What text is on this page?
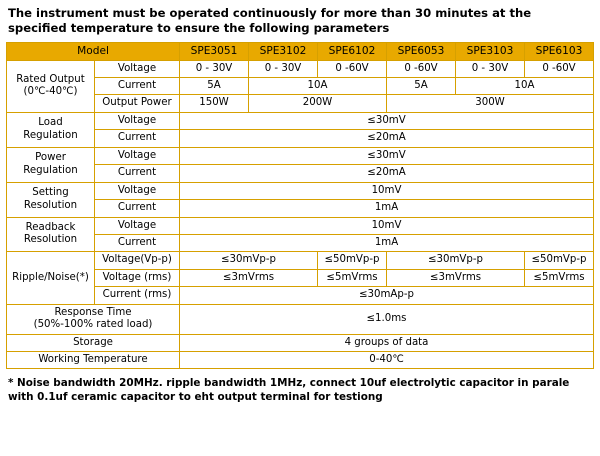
The instrument must be operated continuously for more than 30 minutes at the specified temperature to ensure the following parameters
Model		SPE3051	SPE3102	SPE6102	SPE6053	SPE3103	SPE6103

Rated Output
(0℃-40℃)	Voltage	0 - 30V	0 - 30V	0 -60V	0 -60V	0 - 30V	0 -60V
	Current	5A	10A		5A	10A	
	Output Power	150W	200W		300W		

Load
Regulation	Voltage	≤30mV					
	Current	≤20mA					

Power
Regulation	Voltage	≤30mV					
	Current	≤20mA					

Setting
Resolution	Voltage	10mV					
	Current	1mA					

Readback
Resolution	Voltage	10mV					
	Current	1mA					
Ripple/Noise(*)	Voltage(Vp-p)	≤30mVp-p		≤50mVp-p	≤30mVp-p		≤50mVp-p
	Voltage (rms)	≤3mVrms		≤5mVrms	≤3mVrms		≤5mVrms
	Current (rms)	≤30mAp-p					

Response Time
(50%-100% rated load)		≤1.0ms					
Storage		4 groups of data					
Working Temperature		0-40℃					
* Noise bandwidth 20MHz. ripple bandwidth 1MHz, connect 10uf electrolytic capacitor in parale with 0.1uf ceramic capacitor to eht output terminal for testiong
